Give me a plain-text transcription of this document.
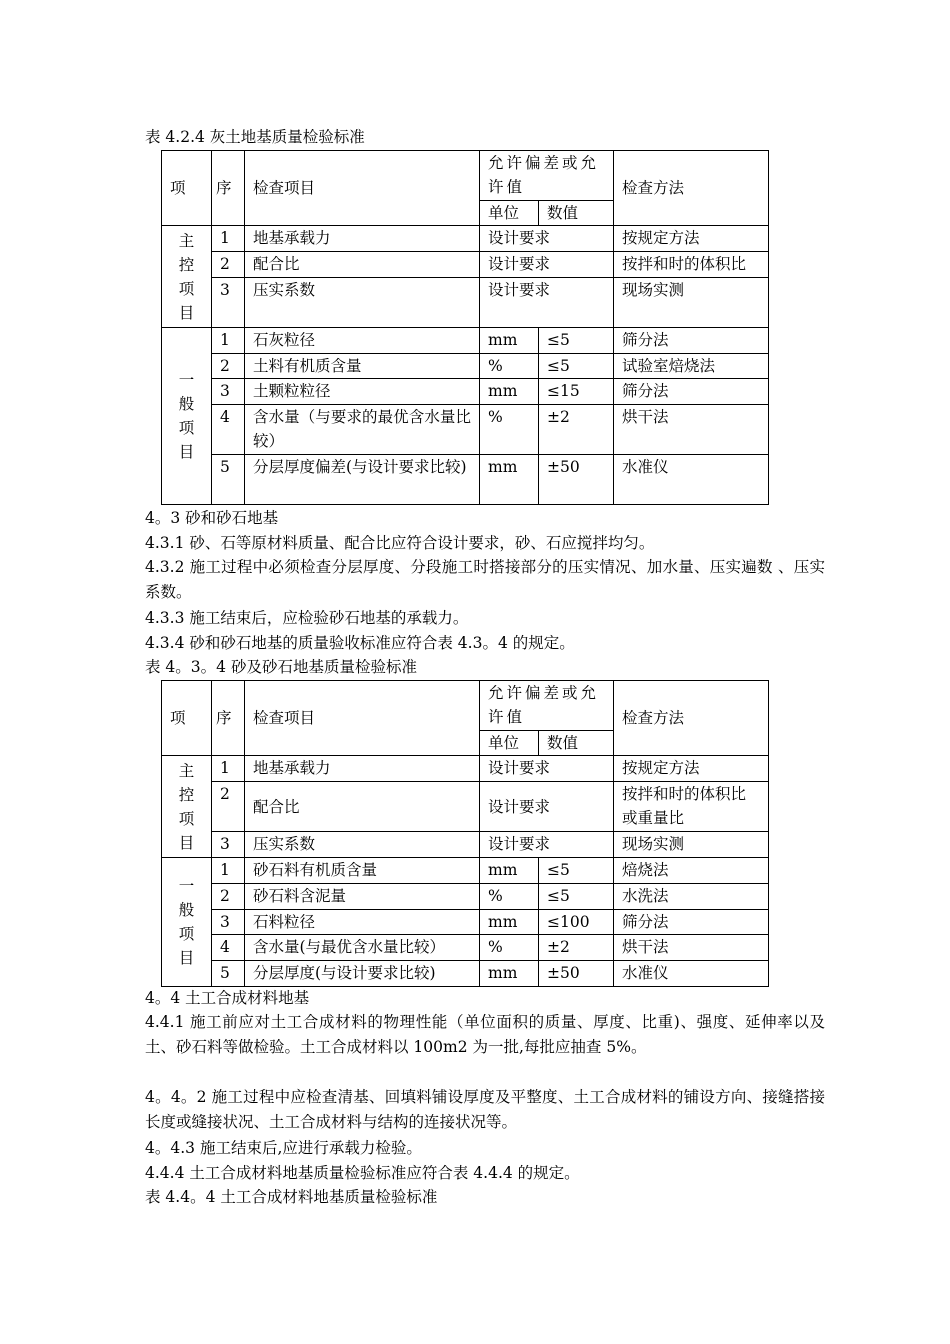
表 4.2.4 灰土地基质量检验标准
项	序	检查项目	允许偏差或允许值		检查方法
			单位	数值	

主
控
项
目	1	地基承载力	设计要求		按规定方法
	2	配合比	设计要求		按拌和时的体积比
	3	压实系数	设计要求		现场实测

一
般
项
目	1	石灰粒径	mm	≤5	筛分法
	2	土料有机质含量	%	≤5	试验室焙烧法
	3	土颗粒粒径	mm	≤15	筛分法
	4	含水量（与要求的最优含水量比较）	%	±2	烘干法
	5	分层厚度偏差(与设计要求比较)	mm	±50	水准仪
4。3 砂和砂石地基
4.3.1 砂、石等原材料质量、配合比应符合设计要求，砂、石应搅拌均匀。
4.3.2 施工过程中必须检查分层厚度、分段施工时搭接部分的压实情况、加水量、压实遍数 、压实系数。
4.3.3 施工结束后，应检验砂石地基的承载力。
4.3.4 砂和砂石地基的质量验收标准应符合表 4.3。4 的规定。
表 4。3。4 砂及砂石地基质量检验标准
项	序	检查项目	允许偏差或允许值		检查方法
			单位	数值	

主
控
项
目	1	地基承载力	设计要求		按规定方法
	2	配合比	设计要求		按拌和时的体积比或重量比
	3	压实系数	设计要求		现场实测

一
般
项
目	1	砂石料有机质含量	mm	≤5	焙烧法
	2	砂石料含泥量	%	≤5	水洗法
	3	石料粒径	mm	≤100	筛分法
	4	含水量(与最优含水量比较）	%	±2	烘干法
	5	分层厚度(与设计要求比较)	mm	±50	水准仪
4。4 土工合成材料地基
4.4.1 施工前应对土工合成材料的物理性能（单位面积的质量、厚度、比重)、强度、延伸率以及土、砂石料等做检验。土工合成材料以 100m2 为一批,每批应抽查 5%。
4。4。2 施工过程中应检查清基、回填料铺设厚度及平整度、土工合成材料的铺设方向、接缝搭接长度或缝接状况、土工合成材料与结构的连接状况等。
4。4.3 施工结束后,应进行承载力检验。
4.4.4 土工合成材料地基质量检验标准应符合表 4.4.4 的规定。
表 4.4。4 土工合成材料地基质量检验标准
